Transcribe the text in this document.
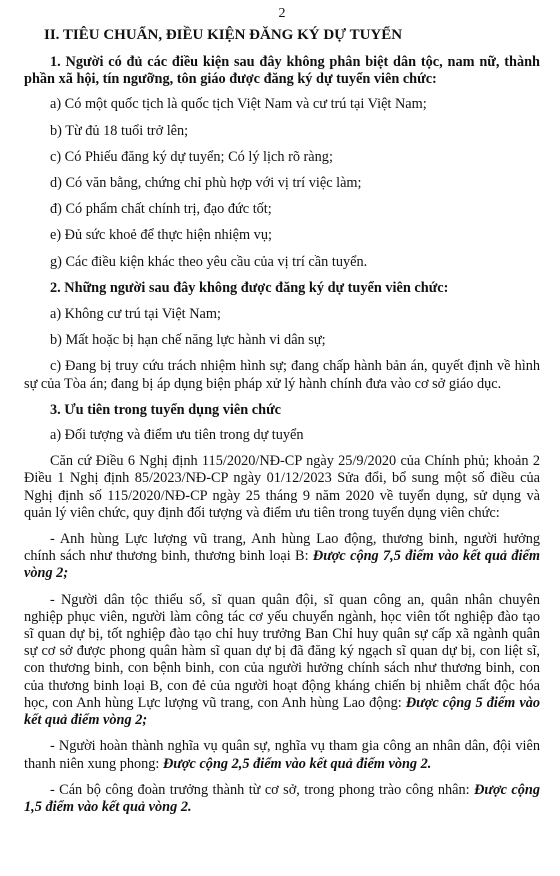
2
II. TIÊU CHUẨN, ĐIỀU KIỆN ĐĂNG KÝ DỰ TUYỂN
1. Người có đủ các điều kiện sau đây không phân biệt dân tộc, nam nữ, thành phần xã hội, tín ngưỡng, tôn giáo được đăng ký dự tuyển viên chức:
a) Có một quốc tịch là quốc tịch Việt Nam và cư trú tại Việt Nam;
b) Từ đủ 18 tuổi trở lên;
c) Có Phiếu đăng ký dự tuyển; Có lý lịch rõ ràng;
d) Có văn bằng, chứng chỉ phù hợp với vị trí việc làm;
đ) Có phẩm chất chính trị, đạo đức tốt;
e) Đủ sức khoẻ để thực hiện nhiệm vụ;
g) Các điều kiện khác theo yêu cầu của vị trí cần tuyển.
2. Những người sau đây không được đăng ký dự tuyển viên chức:
a) Không cư trú tại Việt Nam;
b) Mất hoặc bị hạn chế năng lực hành vi dân sự;
c) Đang bị truy cứu trách nhiệm hình sự; đang chấp hành bản án, quyết định về hình sự của Tòa án; đang bị áp dụng biện pháp xử lý hành chính đưa vào cơ sở giáo dục.
3. Ưu tiên trong tuyển dụng viên chức
a) Đối tượng và điểm ưu tiên trong dự tuyển
Căn cứ Điều 6 Nghị định 115/2020/NĐ-CP ngày 25/9/2020 của Chính phủ; khoản 2 Điều 1 Nghị định 85/2023/NĐ-CP ngày 01/12/2023 Sửa đổi, bổ sung một số điều của Nghị định số 115/2020/NĐ-CP ngày 25 tháng 9 năm 2020 về tuyển dụng, sử dụng và quản lý viên chức, quy định đối tượng và điểm ưu tiên trong tuyển dụng viên chức:
- Anh hùng Lực lượng vũ trang, Anh hùng Lao động, thương binh, người hưởng chính sách như thương binh, thương binh loại B: Được cộng 7,5 điểm vào kết quả điểm vòng 2;
- Người dân tộc thiểu số, sĩ quan quân đội, sĩ quan công an, quân nhân chuyên nghiệp phục viên, người làm công tác cơ yếu chuyển ngành, học viên tốt nghiệp đào tạo sĩ quan dự bị, tốt nghiệp đào tạo chỉ huy trưởng Ban Chỉ huy quân sự cấp xã ngành quân sự cơ sở được phong quân hàm sĩ quan dự bị đã đăng ký ngạch sĩ quan dự bị, con liệt sĩ, con thương binh, con bệnh binh, con của người hưởng chính sách như thương binh, con của thương binh loại B, con đẻ của người hoạt động kháng chiến bị nhiễm chất độc hóa học, con Anh hùng Lực lượng vũ trang, con Anh hùng Lao động: Được cộng 5 điểm vào kết quả điểm vòng 2;
- Người hoàn thành nghĩa vụ quân sự, nghĩa vụ tham gia công an nhân dân, đội viên thanh niên xung phong: Được cộng 2,5 điểm vào kết quả điểm vòng 2.
- Cán bộ công đoàn trưởng thành từ cơ sở, trong phong trào công nhân: Được cộng 1,5 điểm vào kết quả vòng 2.
